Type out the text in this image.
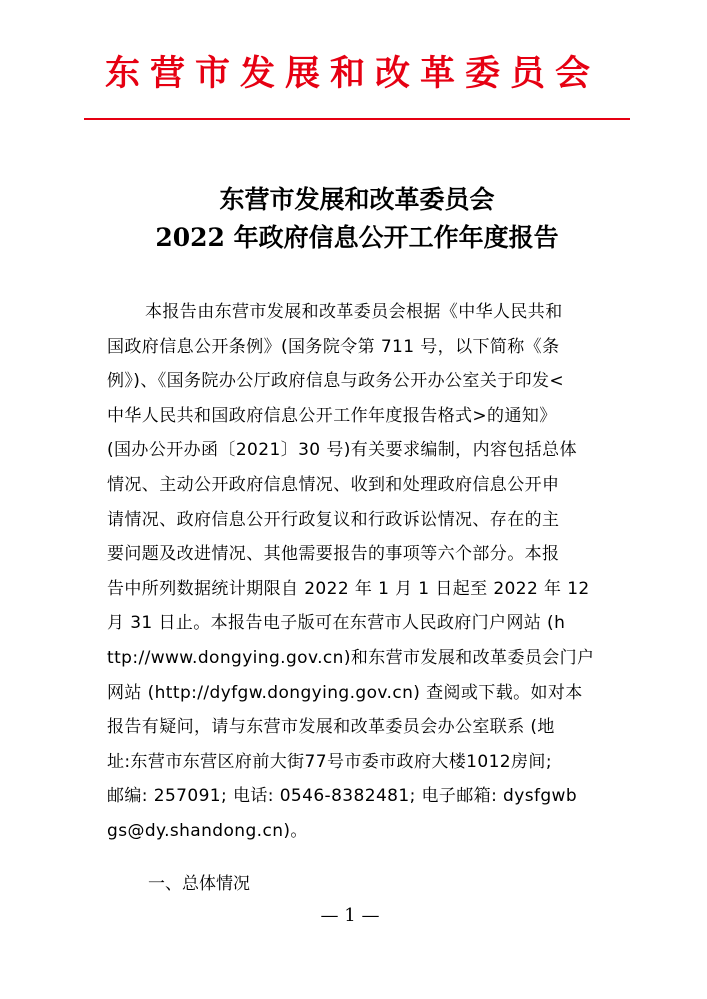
东营市发展和改革委员会
东营市发展和改革委员会
2022 年政府信息公开工作年度报告
本报告由东营市发展和改革委员会根据《中华人民共和
国政府信息公开条例》(国务院令第 711 号，以下简称《条
例》)、《国务院办公厅政府信息与政务公开办公室关于印发<
中华人民共和国政府信息公开工作年度报告格式>的通知》
(国办公开办函〔2021〕30 号)有关要求编制，内容包括总体
情况、主动公开政府信息情况、收到和处理政府信息公开申
请情况、政府信息公开行政复议和行政诉讼情况、存在的主
要问题及改进情况、其他需要报告的事项等六个部分。本报
告中所列数据统计期限自 2022 年 1 月 1 日起至 2022 年 12
月 31 日止。本报告电子版可在东营市人民政府门户网站 (h
ttp://www.dongying.gov.cn)和东营市发展和改革委员会门户
网站 (http://dyfgw.dongying.gov.cn) 查阅或下载。如对本
报告有疑问，请与东营市发展和改革委员会办公室联系 (地
址:东营市东营区府前大街77号市委市政府大楼1012房间;
邮编: 257091; 电话: 0546-8382481; 电子邮箱: dysfgwb
gs@dy.shandong.cn)。
一、总体情况
— 1 —
